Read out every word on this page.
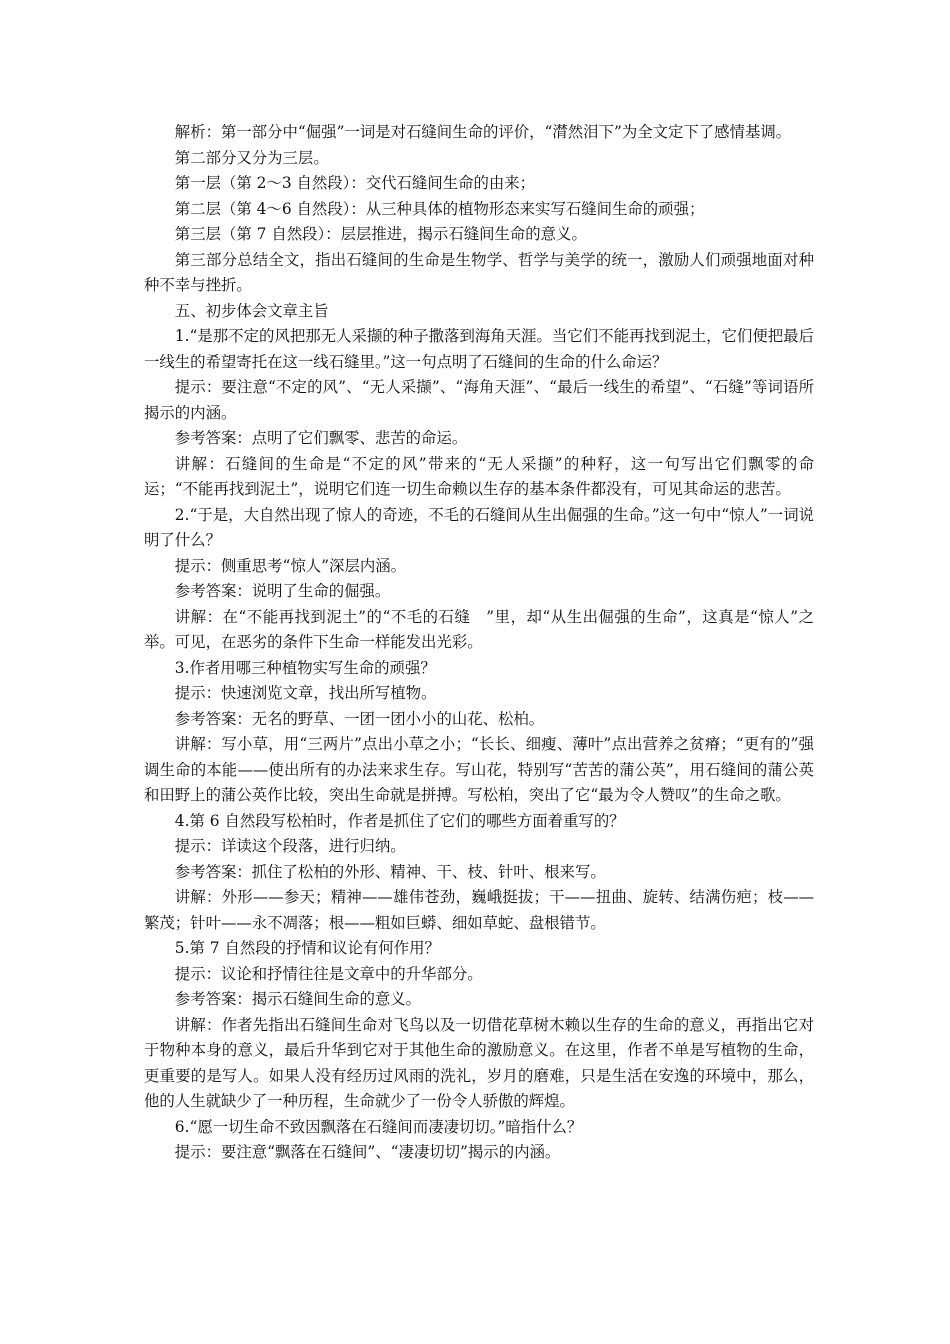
解析：第一部分中“倔强”一词是对石缝间生命的评价，“潸然泪下”为全文定下了感情基调。

第二部分又分为三层。

第一层（第 2～3 自然段）：交代石缝间生命的由来；

第二层（第 4～6 自然段）：从三种具体的植物形态来实写石缝间生命的顽强；

第三层（第 7 自然段）：层层推进，揭示石缝间生命的意义。

第三部分总结全文，指出石缝间的生命是生物学、哲学与美学的统一，激励人们顽强地面对种种不幸与挫折。

五、初步体会文章主旨

1.“是那不定的风把那无人采撷的种子撒落到海角天涯。当它们不能再找到泥土，它们便把最后一线生的希望寄托在这一线石缝里。”这一句点明了石缝间的生命的什么命运？

提示：要注意“不定的风”、“无人采撷”、“海角天涯”、“最后一线生的希望”、“石缝”等词语所揭示的内涵。

参考答案：点明了它们飘零、悲苦的命运。

讲解：石缝间的生命是“不定的风”带来的“无人采撷”的种籽，这一句写出它们飘零的命运；“不能再找到泥土”，说明它们连一切生命赖以生存的基本条件都没有，可见其命运的悲苦。

2.“于是，大自然出现了惊人的奇迹，不毛的石缝间从生出倔强的生命。”这一句中“惊人”一词说明了什么？

提示：侧重思考“惊人”深层内涵。

参考答案：说明了生命的倔强。

讲解：在“不能再找到泥土”的“不毛的石缝　”里，却“从生出倔强的生命”，这真是“惊人”之举。可见，在恶劣的条件下生命一样能发出光彩。

3.作者用哪三种植物实写生命的顽强？

提示：快速浏览文章，找出所写植物。

参考答案：无名的野草、一团一团小小的山花、松柏。

讲解：写小草，用“三两片”点出小草之小；“长长、细瘦、薄叶”点出营养之贫瘠；“更有的”强调生命的本能——使出所有的办法来求生存。写山花，特别写“苦苦的蒲公英”，用石缝间的蒲公英和田野上的蒲公英作比较，突出生命就是拼搏。写松柏，突出了它“最为令人赞叹”的生命之歌。

4.第 6 自然段写松柏时，作者是抓住了它们的哪些方面着重写的？

提示：详读这个段落，进行归纳。

参考答案：抓住了松柏的外形、精神、干、枝、针叶、根来写。

讲解：外形——参天；精神——雄伟苍劲，巍峨挺拔；干——扭曲、旋转、结满伤疤；枝——繁茂；针叶——永不凋落；根——粗如巨蟒、细如草蛇、盘根错节。

5.第 7 自然段的抒情和议论有何作用？

提示：议论和抒情往往是文章中的升华部分。

参考答案：揭示石缝间生命的意义。

讲解：作者先指出石缝间生命对飞鸟以及一切借花草树木赖以生存的生命的意义，再指出它对于物种本身的意义，最后升华到它对于其他生命的激励意义。在这里，作者不单是写植物的生命，更重要的是写人。如果人没有经历过风雨的洗礼，岁月的磨难，只是生活在安逸的环境中，那么，他的人生就缺少了一种历程，生命就少了一份令人骄傲的辉煌。

6.“愿一切生命不致因飘落在石缝间而凄凄切切。”暗指什么？

提示：要注意“飘落在石缝间”、“凄凄切切”揭示的内涵。
